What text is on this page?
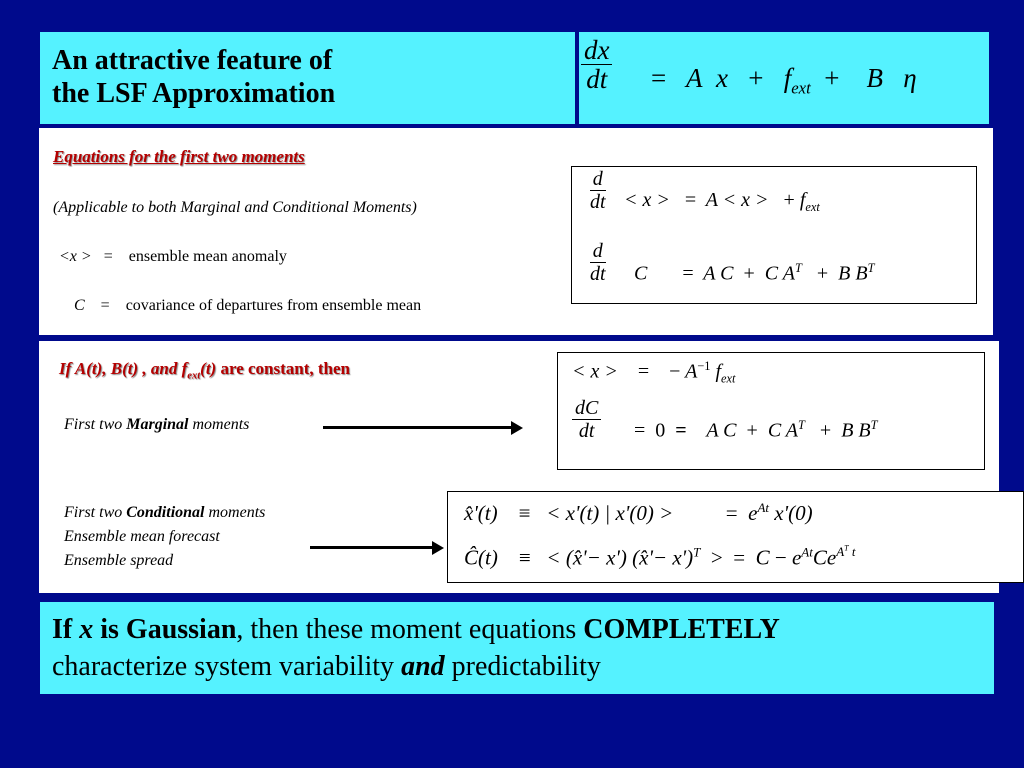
An attractive feature of
the LSF Approximation	$\frac{dx}{dt} = A$ $x + f_{ext} + B$ η
Equations for the first two moments
(Applicable to both Marginal and Conditional Moments)
<x > = ensemble mean anomaly
C = covariance of departures from ensemble mean
$\frac{d}{dt} < x$ > = A < x > + $f_{ext}$
$\frac{d}{dt}$ C = A C + C $A^T + B$ $B^T$
If A(t), B(t) , and $f_{ext}(t)$ are constant, then
First two Marginal moments
First two Conditional moments
Ensemble mean forecast
Ensemble spread
< x > = − $A^{-1}$ $f_{ext}$
$\frac{dC}{dt} = 0 = A$ C + C $A^T + B$ $B^T$
x̂'(t) ≡ < x'(t) | x'(0) >	= $e^{At}$ x'(0)
Ĉ(t) ≡ < (x̂'− x') (x̂'− x')$^T$ > = $C - e^{At}Ce^{A^T t}$
If x is Gaussian, then these moment equations COMPLETELY
characterize system variability and predictability
